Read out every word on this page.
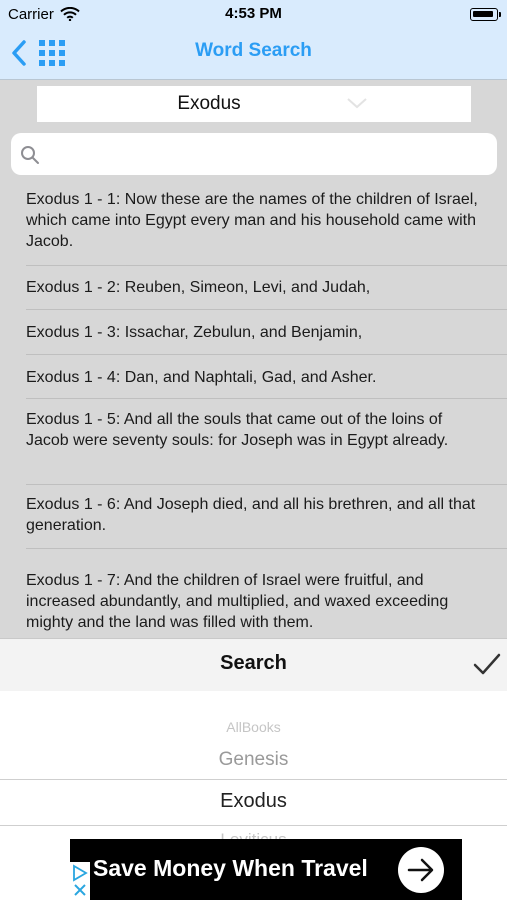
Carrier	4:53 PM
Word Search
Exodus
Exodus 1 - 1: Now these are the names of the children of Israel, which came into Egypt every man and his household came with Jacob.
Exodus 1 - 2: Reuben, Simeon, Levi, and Judah,
Exodus 1 - 3: Issachar, Zebulun, and Benjamin,
Exodus 1 - 4: Dan, and Naphtali, Gad, and Asher.
Exodus 1 - 5: And all the souls that came out of the loins of Jacob were seventy souls: for Joseph was in Egypt already.
Exodus 1 - 6: And Joseph died, and all his brethren, and all that generation.
Exodus 1 - 7: And the children of Israel were fruitful, and increased abundantly, and multiplied, and waxed exceeding mighty and the land was filled with them.
Search
AllBooks
Genesis
Exodus
Save Money When Travel
